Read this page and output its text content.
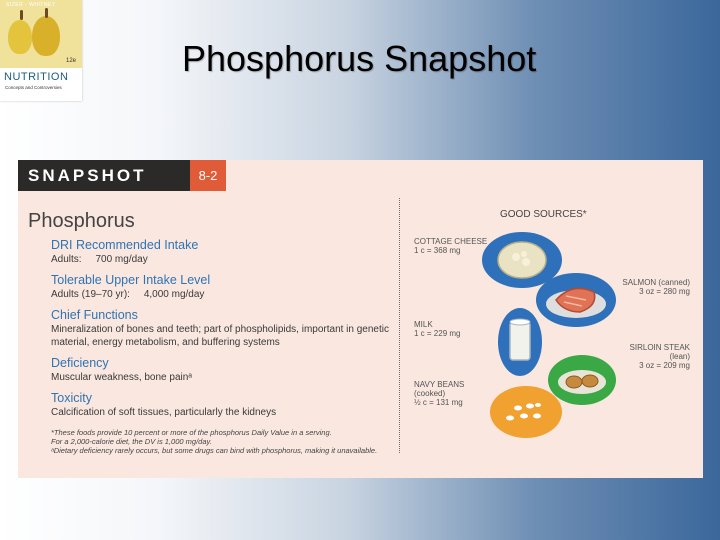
SIZER · WHITNEY
12e
NUTRITION
Concepts and Controversies
Phosphorus Snapshot
SNAPSHOT	8-2
Phosphorus
DRI Recommended Intake
Adults:     700 mg/day
Tolerable Upper Intake Level
Adults (19–70 yr):     4,000 mg/day
Chief Functions
Mineralization of bones and teeth; part of phospholipids, important in genetic material, energy metabolism, and buffering systems
Deficiency
Muscular weakness, bone painᵃ
Toxicity
Calcification of soft tissues, particularly the kidneys
*These foods provide 10 percent or more of the phosphorus Daily Value in a serving.
For a 2,000-calorie diet, the DV is 1,000 mg/day.
ᵃDietary deficiency rarely occurs, but some drugs can bind with phosphorus, making it unavailable.
GOOD SOURCES*
COTTAGE CHEESE
1 c = 368 mg
SALMON (canned)
3 oz = 280 mg
MILK
1 c = 229 mg
SIRLOIN STEAK
(lean)
3 oz = 209 mg
NAVY BEANS
(cooked)
½ c = 131 mg
